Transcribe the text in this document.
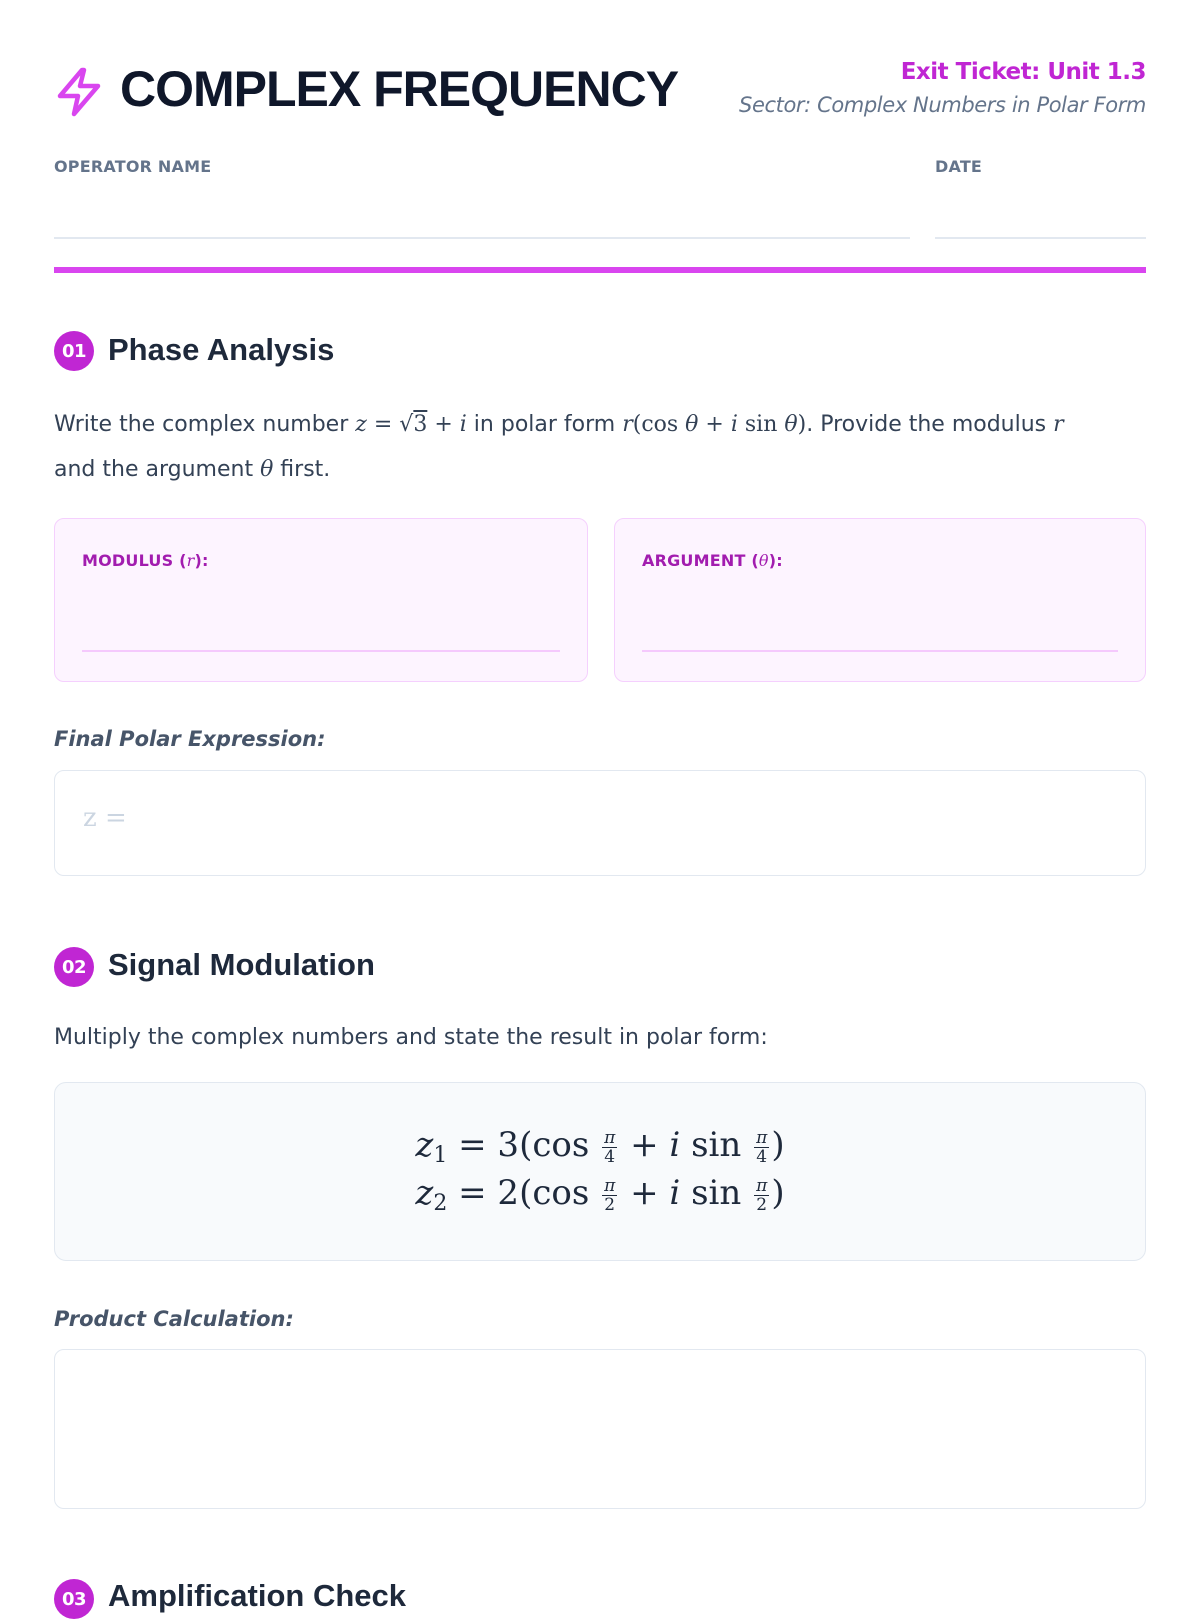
COMPLEX FREQUENCY	Exit Ticket: Unit 1.3
Sector: Complex Numbers in Polar Form
OPERATOR NAME	DATE
01 Phase Analysis
Write the complex number z = √3 + i in polar form r(cos θ + i sin θ). Provide the modulus r
and the argument θ first.
MODULUS (r):	ARGUMENT (θ):
Final Polar Expression:
z =
02 Signal Modulation
Multiply the complex numbers and state the result in polar form:
$z_1 = 3(\cos \frac{\pi}{4} + i$ $\sin \frac{\pi}{4}$ )
$z_2 = 2(\cos \frac{\pi}{2} + i$ $\sin \frac{\pi}{2}$ )
Product Calculation:
03 Amplification Check
